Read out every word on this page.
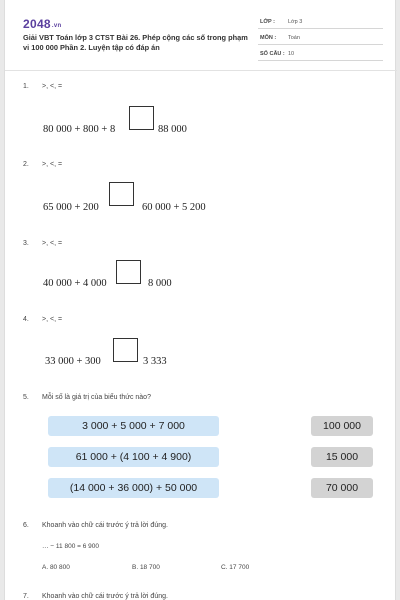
2048.vn
Giải VBT Toán lớp 3 CTST Bài 26. Phép cộng các số trong phạm vi 100 000 Phần 2. Luyện tập có đáp án
LỚP : Lớp 3
MÔN : Toán
SỐ CÂU : 10
1. >, <, =
80 000 + 800 + 8	88 000
2. >, <, =
65 000 + 200	60 000 + 5 200
3. >, <, =
40 000 + 4 000	8 000
4. >, <, =
33 000 + 300	3 333
5. Mỗi số là giá trị của biểu thức nào?
3 000 + 5 000 + 7 000
61 000 + (4 100 + 4 900)
(14 000 + 36 000) + 50 000
100 000
15 000
70 000
6. Khoanh vào chữ cái trước ý trả lời đúng.
… − 11 800 = 6 900
A. 80 800	B. 18 700	C. 17 700
7. Khoanh vào chữ cái trước ý trả lời đúng.
